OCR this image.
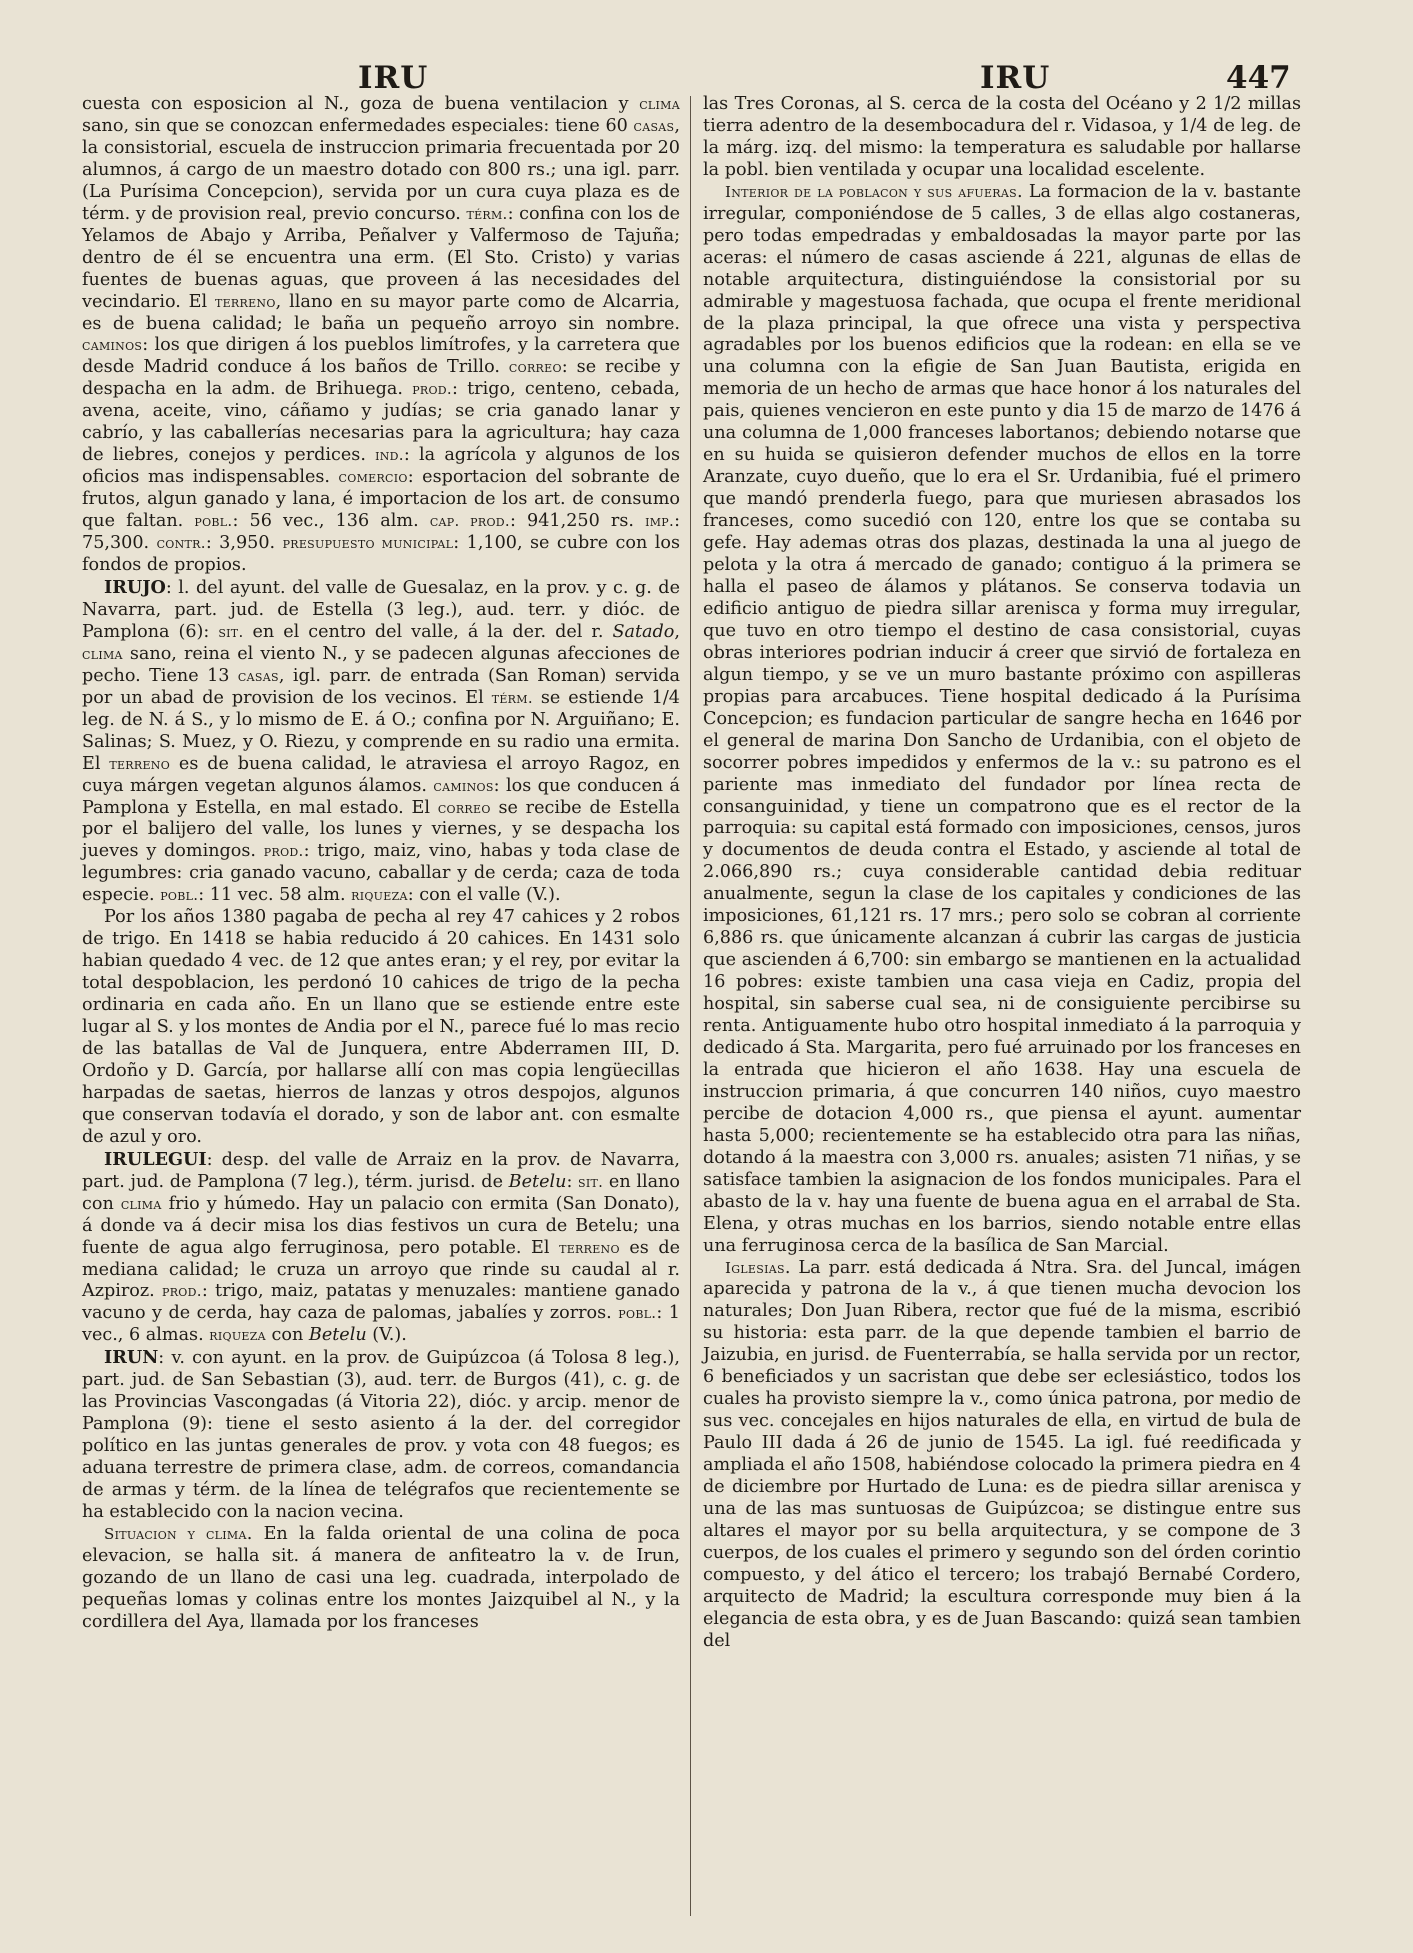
IRU	IRU	447

cuesta con esposicion al N., goza de buena ventilacion y clima sano, sin que se conozcan enfermedades especiales: tiene 60 casas, la consistorial, escuela de instruccion primaria frecuentada por 20 alumnos, á cargo de un maestro dotado con 800 rs.; una igl. parr. (La Purísima Concepcion), servida por un cura cuya plaza es de térm. y de provision real, previo concurso. térm.: confina con los de Yelamos de Abajo y Arriba, Peñalver y Valfermoso de Tajuña; dentro de él se encuentra una erm. (El Sto. Cristo) y varias fuentes de buenas aguas, que proveen á las necesidades del vecindario. El terreno, llano en su mayor parte como de Alcarria, es de buena calidad; le baña un pequeño arroyo sin nombre. caminos: los que dirigen á los pueblos limítrofes, y la carretera que desde Madrid conduce á los baños de Trillo. correo: se recibe y despacha en la adm. de Brihuega. prod.: trigo, centeno, cebada, avena, aceite, vino, cáñamo y judías; se cria ganado lanar y cabrío, y las caballerías necesarias para la agricultura; hay caza de liebres, conejos y perdices. ind.: la agrícola y algunos de los oficios mas indispensables. comercio: esportacion del sobrante de frutos, algun ganado y lana, é importacion de los art. de consumo que faltan. pobl.: 56 vec., 136 alm. cap. prod.: 941,250 rs. imp.: 75,300. contr.: 3,950. presupuesto municipal: 1,100, se cubre con los fondos de propios.

IRUJO: l. del ayunt. del valle de Guesalaz, en la prov. y c. g. de Navarra, part. jud. de Estella (3 leg.), aud. terr. y dióc. de Pamplona (6): sit. en el centro del valle, á la der. del r. Satado, clima sano, reina el viento N., y se padecen algunas afecciones de pecho. Tiene 13 casas, igl. parr. de entrada (San Roman) servida por un abad de provision de los vecinos. El térm. se estiende 1/4 leg. de N. á S., y lo mismo de E. á O.; confina por N. Arguiñano; E. Salinas; S. Muez, y O. Riezu, y comprende en su radio una ermita. El terreno es de buena calidad, le atraviesa el arroyo Ragoz, en cuya márgen vegetan algunos álamos. caminos: los que conducen á Pamplona y Estella, en mal estado. El correo se recibe de Estella por el balijero del valle, los lunes y viernes, y se despacha los jueves y domingos. prod.: trigo, maiz, vino, habas y toda clase de legumbres: cria ganado vacuno, caballar y de cerda; caza de toda especie. pobl.: 11 vec. 58 alm. riqueza: con el valle (V.).

Por los años 1380 pagaba de pecha al rey 47 cahices y 2 robos de trigo. En 1418 se habia reducido á 20 cahices. En 1431 solo habian quedado 4 vec. de 12 que antes eran; y el rey, por evitar la total despoblacion, les perdonó 10 cahices de trigo de la pecha ordinaria en cada año. En un llano que se estiende entre este lugar al S. y los montes de Andia por el N., parece fué lo mas recio de las batallas de Val de Junquera, entre Abderramen III, D. Ordoño y D. García, por hallarse allí con mas copia lengüecillas harpadas de saetas, hierros de lanzas y otros despojos, algunos que conservan todavía el dorado, y son de labor ant. con esmalte de azul y oro.

IRULEGUI: desp. del valle de Arraiz en la prov. de Navarra, part. jud. de Pamplona (7 leg.), térm. jurisd. de Betelu: sit. en llano con clima frio y húmedo. Hay un palacio con ermita (San Donato), á donde va á decir misa los dias festivos un cura de Betelu; una fuente de agua algo ferruginosa, pero potable. El terreno es de mediana calidad; le cruza un arroyo que rinde su caudal al r. Azpiroz. prod.: trigo, maiz, patatas y menuzales: mantiene ganado vacuno y de cerda, hay caza de palomas, jabalíes y zorros. pobl.: 1 vec., 6 almas. riqueza con Betelu (V.).

IRUN: v. con ayunt. en la prov. de Guipúzcoa (á Tolosa 8 leg.), part. jud. de San Sebastian (3), aud. terr. de Burgos (41), c. g. de las Provincias Vascongadas (á Vitoria 22), dióc. y arcip. menor de Pamplona (9): tiene el sesto asiento á la der. del corregidor político en las juntas generales de prov. y vota con 48 fuegos; es aduana terrestre de primera clase, adm. de correos, comandancia de armas y térm. de la línea de telégrafos que recientemente se ha establecido con la nacion vecina.

Situacion y clima. En la falda oriental de una colina de poca elevacion, se halla sit. á manera de anfiteatro la v. de Irun, gozando de un llano de casi una leg. cuadrada, interpolado de pequeñas lomas y colinas entre los montes Jaizquibel al N., y la cordillera del Aya, llamada por los franceses

las Tres Coronas, al S. cerca de la costa del Océano y 2 1/2 millas tierra adentro de la desembocadura del r. Vidasoa, y 1/4 de leg. de la márg. izq. del mismo: la temperatura es saludable por hallarse la pobl. bien ventilada y ocupar una localidad escelente.

Interior de la poblacon y sus afueras. La formacion de la v. bastante irregular, componiéndose de 5 calles, 3 de ellas algo costaneras, pero todas empedradas y embaldosadas la mayor parte por las aceras: el número de casas asciende á 221, algunas de ellas de notable arquitectura, distinguiéndose la consistorial por su admirable y magestuosa fachada, que ocupa el frente meridional de la plaza principal, la que ofrece una vista y perspectiva agradables por los buenos edificios que la rodean: en ella se ve una columna con la efigie de San Juan Bautista, erigida en memoria de un hecho de armas que hace honor á los naturales del pais, quienes vencieron en este punto y dia 15 de marzo de 1476 á una columna de 1,000 franceses labortanos; debiendo notarse que en su huida se quisieron defender muchos de ellos en la torre Aranzate, cuyo dueño, que lo era el Sr. Urdanibia, fué el primero que mandó prenderla fuego, para que muriesen abrasados los franceses, como sucedió con 120, entre los que se contaba su gefe. Hay ademas otras dos plazas, destinada la una al juego de pelota y la otra á mercado de ganado; contiguo á la primera se halla el paseo de álamos y plátanos. Se conserva todavia un edificio antiguo de piedra sillar arenisca y forma muy irregular, que tuvo en otro tiempo el destino de casa consistorial, cuyas obras interiores podrian inducir á creer que sirvió de fortaleza en algun tiempo, y se ve un muro bastante próximo con aspilleras propias para arcabuces. Tiene hospital dedicado á la Purísima Concepcion; es fundacion particular de sangre hecha en 1646 por el general de marina Don Sancho de Urdanibia, con el objeto de socorrer pobres impedidos y enfermos de la v.: su patrono es el pariente mas inmediato del fundador por línea recta de consanguinidad, y tiene un compatrono que es el rector de la parroquia: su capital está formado con imposiciones, censos, juros y documentos de deuda contra el Estado, y asciende al total de 2.066,890 rs.; cuya considerable cantidad debia redituar anualmente, segun la clase de los capitales y condiciones de las imposiciones, 61,121 rs. 17 mrs.; pero solo se cobran al corriente 6,886 rs. que únicamente alcanzan á cubrir las cargas de justicia que ascienden á 6,700: sin embargo se mantienen en la actualidad 16 pobres: existe tambien una casa vieja en Cadiz, propia del hospital, sin saberse cual sea, ni de consiguiente percibirse su renta. Antiguamente hubo otro hospital inmediato á la parroquia y dedicado á Sta. Margarita, pero fué arruinado por los franceses en la entrada que hicieron el año 1638. Hay una escuela de instruccion primaria, á que concurren 140 niños, cuyo maestro percibe de dotacion 4,000 rs., que piensa el ayunt. aumentar hasta 5,000; recientemente se ha establecido otra para las niñas, dotando á la maestra con 3,000 rs. anuales; asisten 71 niñas, y se satisface tambien la asignacion de los fondos municipales. Para el abasto de la v. hay una fuente de buena agua en el arrabal de Sta. Elena, y otras muchas en los barrios, siendo notable entre ellas una ferruginosa cerca de la basílica de San Marcial.

Iglesias. La parr. está dedicada á Ntra. Sra. del Juncal, imágen aparecida y patrona de la v., á que tienen mucha devocion los naturales; Don Juan Ribera, rector que fué de la misma, escribió su historia: esta parr. de la que depende tambien el barrio de Jaizubia, en jurisd. de Fuenterrabía, se halla servida por un rector, 6 beneficiados y un sacristan que debe ser eclesiástico, todos los cuales ha provisto siempre la v., como única patrona, por medio de sus vec. concejales en hijos naturales de ella, en virtud de bula de Paulo III dada á 26 de junio de 1545. La igl. fué reedificada y ampliada el año 1508, habiéndose colocado la primera piedra en 4 de diciembre por Hurtado de Luna: es de piedra sillar arenisca y una de las mas suntuosas de Guipúzcoa; se distingue entre sus altares el mayor por su bella arquitectura, y se compone de 3 cuerpos, de los cuales el primero y segundo son del órden corintio compuesto, y del ático el tercero; los trabajó Bernabé Cordero, arquitecto de Madrid; la escultura corresponde muy bien á la elegancia de esta obra, y es de Juan Bascando: quizá sean tambien del
